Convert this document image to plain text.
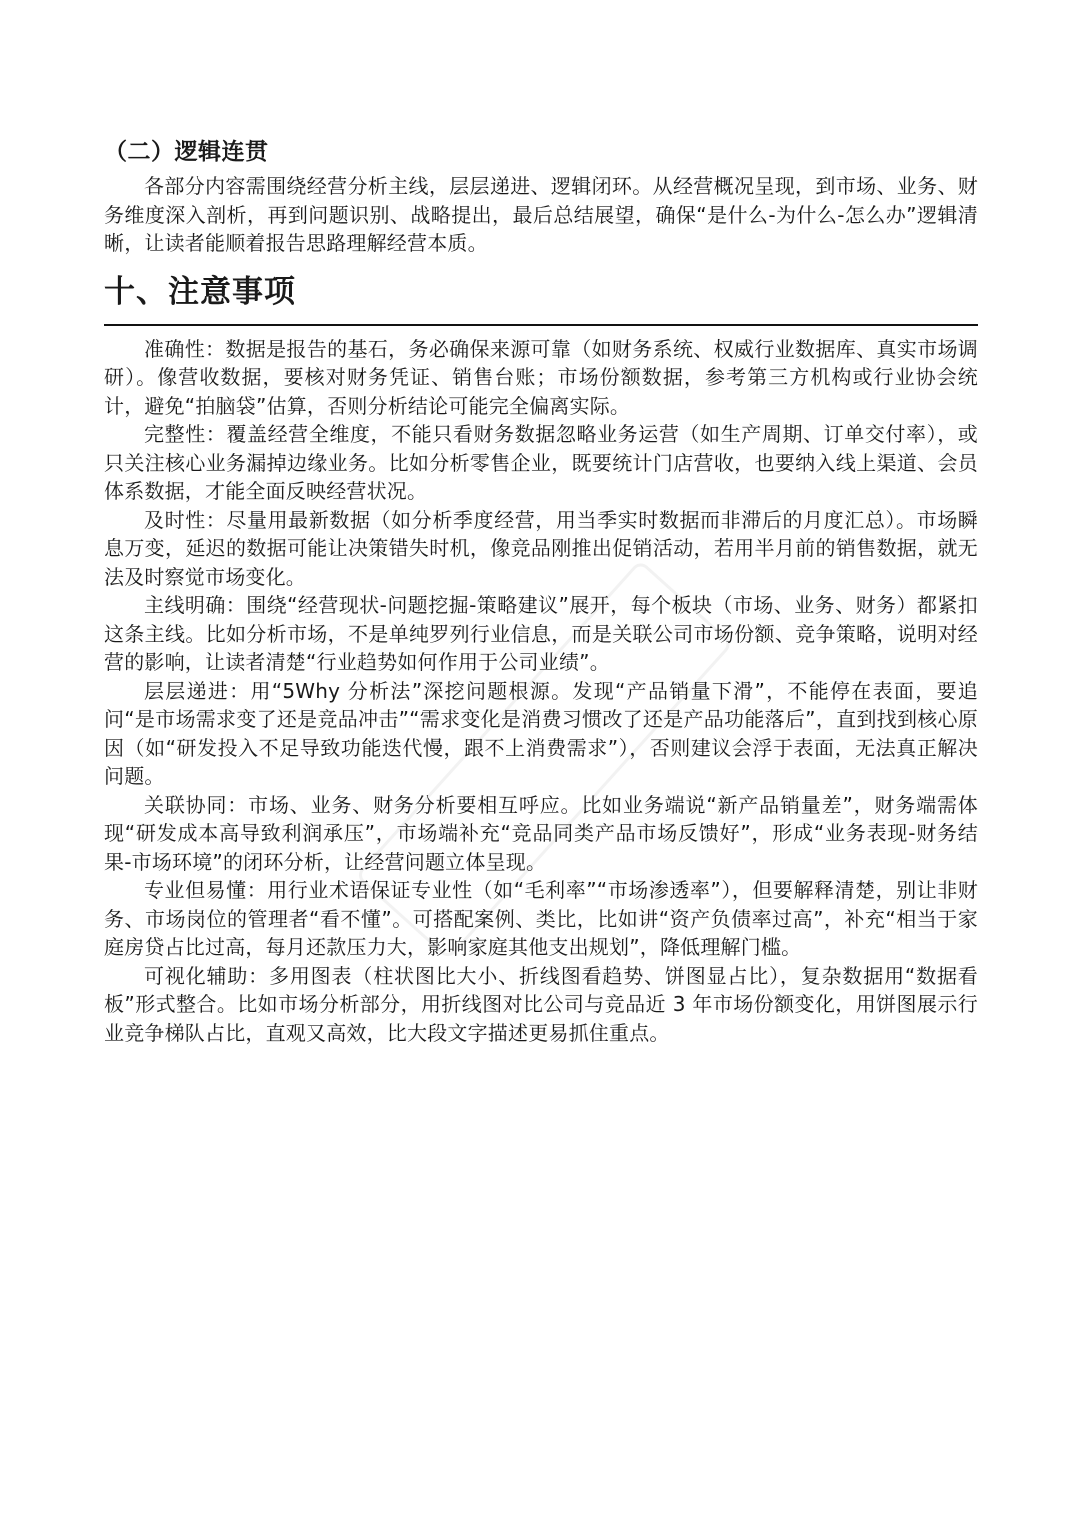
（二）逻辑连贯

各部分内容需围绕经营分析主线，层层递进、逻辑闭环。从经营概况呈现，到市场、业务、财务维度深入剖析，再到问题识别、战略提出，最后总结展望，确保“是什么-为什么-怎么办”逻辑清晰，让读者能顺着报告思路理解经营本质。

十、注意事项

准确性：数据是报告的基石，务必确保来源可靠（如财务系统、权威行业数据库、真实市场调研）。像营收数据，要核对财务凭证、销售台账；市场份额数据，参考第三方机构或行业协会统计，避免“拍脑袋”估算，否则分析结论可能完全偏离实际。

完整性：覆盖经营全维度，不能只看财务数据忽略业务运营（如生产周期、订单交付率），或只关注核心业务漏掉边缘业务。比如分析零售企业，既要统计门店营收，也要纳入线上渠道、会员体系数据，才能全面反映经营状况。

及时性：尽量用最新数据（如分析季度经营，用当季实时数据而非滞后的月度汇总）。市场瞬息万变，延迟的数据可能让决策错失时机，像竞品刚推出促销活动，若用半月前的销售数据，就无法及时察觉市场变化。

主线明确：围绕“经营现状-问题挖掘-策略建议”展开，每个板块（市场、业务、财务）都紧扣这条主线。比如分析市场，不是单纯罗列行业信息，而是关联公司市场份额、竞争策略，说明对经营的影响，让读者清楚“行业趋势如何作用于公司业绩”。

层层递进：用“5Why 分析法”深挖问题根源。发现“产品销量下滑”，不能停在表面，要追问“是市场需求变了还是竞品冲击”“需求变化是消费习惯改了还是产品功能落后”，直到找到核心原因（如“研发投入不足导致功能迭代慢，跟不上消费需求”），否则建议会浮于表面，无法真正解决问题。

关联协同：市场、业务、财务分析要相互呼应。比如业务端说“新产品销量差”，财务端需体现“研发成本高导致利润承压”，市场端补充“竞品同类产品市场反馈好”，形成“业务表现-财务结果-市场环境”的闭环分析，让经营问题立体呈现。

专业但易懂：用行业术语保证专业性（如“毛利率”“市场渗透率”），但要解释清楚，别让非财务、市场岗位的管理者“看不懂”。可搭配案例、类比，比如讲“资产负债率过高”，补充“相当于家庭房贷占比过高，每月还款压力大，影响家庭其他支出规划”，降低理解门槛。

可视化辅助：多用图表（柱状图比大小、折线图看趋势、饼图显占比），复杂数据用“数据看板”形式整合。比如市场分析部分，用折线图对比公司与竞品近 3 年市场份额变化，用饼图展示行业竞争梯队占比，直观又高效，比大段文字描述更易抓住重点。
